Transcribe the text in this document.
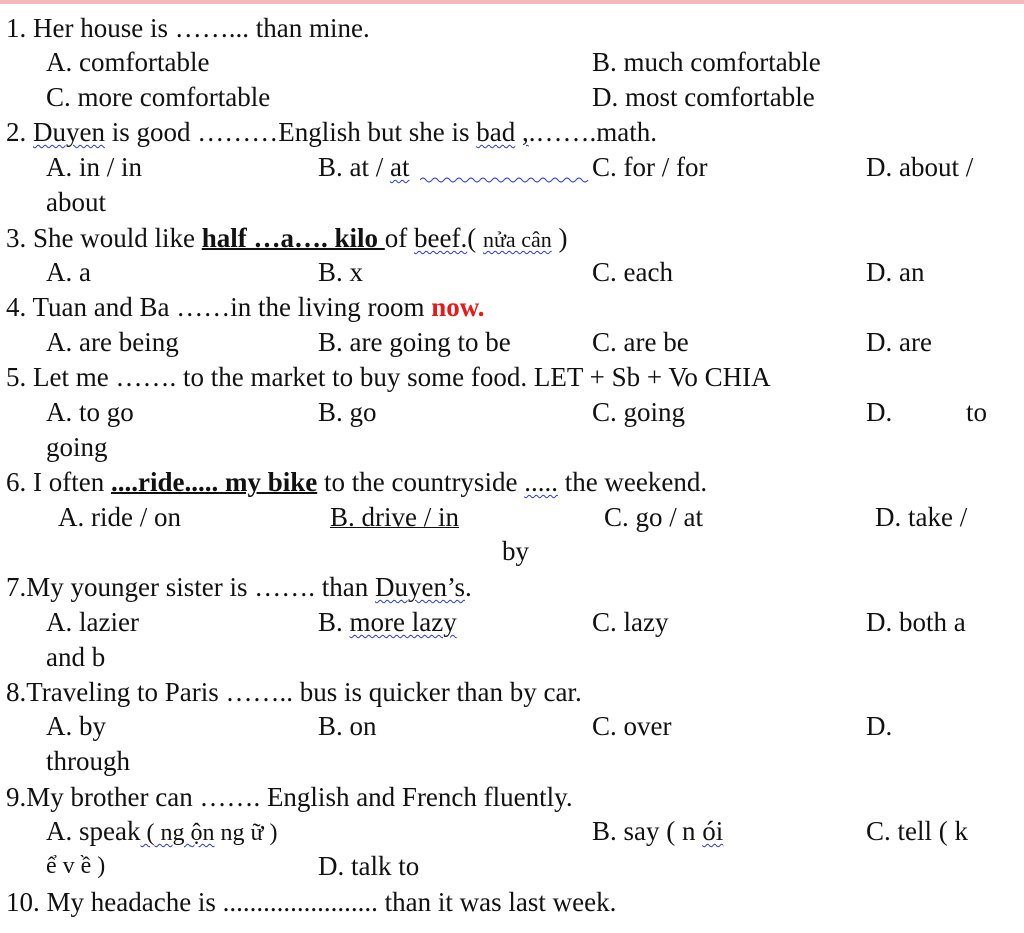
1. Her house is ……... than mine.
A. comfortable	B. much comfortable
C. more comfortable	D. most comfortable
2. Duyen is good ………English but she is bad ,.…….math.
A. in / in	B. at / at	C. for / for	D. about /
about
3. She would like half …a…. kilo of beef.( nửa cân )
A. a	B. x	C. each	D. an
4. Tuan and Ba ……in the living room now.
A. are being	B. are going to be	C. are be	D. are
5. Let me ……. to the market to buy some food. LET + Sb + Vo CHIA
A. to go	B. go	C. going	D.	to
going
6. I often ....ride..... my bike to the countryside ..... the weekend.
A. ride / on	B. drive / in	C. go / at	D. take /
by
7.My younger sister is ……. than Duyen’s.
A. lazier	B. more lazy	C. lazy	D. both a
and b
8.Traveling to Paris …….. bus is quicker than by car.
A. by	B. on	C. over	D.
through
9.My brother can ……. English and French fluently.
A. speak ( ng ộn ng ữ )	B. say ( n ói	C. tell ( k
ể v ề )	D. talk to
10. My headache is ....................... than it was last week.
